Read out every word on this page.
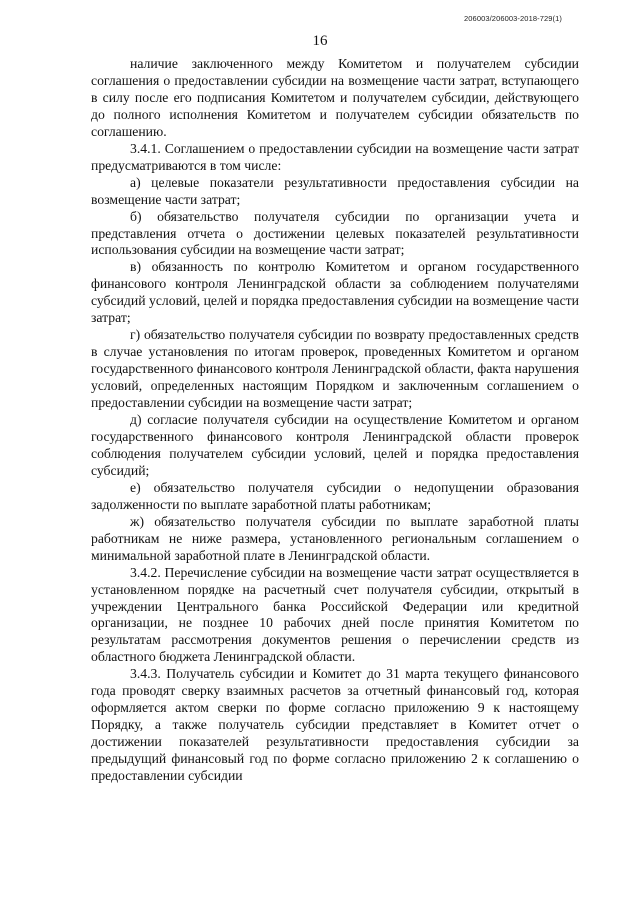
206003/206003-2018-729(1)
16

наличие заключенного между Комитетом и получателем субсидии соглашения о предоставлении субсидии на возмещение части затрат, вступающего в силу после его подписания Комитетом и получателем субсидии, действующего до полного исполнения Комитетом и получателем субсидии обязательств по соглашению.

3.4.1. Соглашением о предоставлении субсидии на возмещение части затрат предусматриваются в том числе:

а) целевые показатели результативности предоставления субсидии на возмещение части затрат;

б) обязательство получателя субсидии по организации учета и представления отчета о достижении целевых показателей результативности использования субсидии на возмещение части затрат;

в) обязанность по контролю Комитетом и органом государственного финансового контроля Ленинградской области за соблюдением получателями субсидий условий, целей и порядка предоставления субсидии на возмещение части затрат;

г) обязательство получателя субсидии по возврату предоставленных средств в случае установления по итогам проверок, проведенных Комитетом и органом государственного финансового контроля Ленинградской области, факта нарушения условий, определенных настоящим Порядком и заключенным соглашением о предоставлении субсидии на возмещение части затрат;

д) согласие получателя субсидии на осуществление Комитетом и органом государственного финансового контроля Ленинградской области проверок соблюдения получателем субсидии условий, целей и порядка предоставления субсидий;

е) обязательство получателя субсидии о недопущении образования задолженности по выплате заработной платы работникам;

ж) обязательство получателя субсидии по выплате заработной платы работникам не ниже размера, установленного региональным соглашением о минимальной заработной плате в Ленинградской области.

3.4.2. Перечисление субсидии на возмещение части затрат осуществляется в установленном порядке на расчетный счет получателя субсидии, открытый в учреждении Центрального банка Российской Федерации или кредитной организации, не позднее 10 рабочих дней после принятия Комитетом по результатам рассмотрения документов решения о перечислении средств из областного бюджета Ленинградской области.

3.4.3. Получатель субсидии и Комитет до 31 марта текущего финансового года проводят сверку взаимных расчетов за отчетный финансовый год, которая оформляется актом сверки по форме согласно приложению 9 к настоящему Порядку, а также получатель субсидии представляет в Комитет отчет о достижении показателей результативности предоставления субсидии за предыдущий финансовый год по форме согласно приложению 2 к соглашению о предоставлении субсидии
